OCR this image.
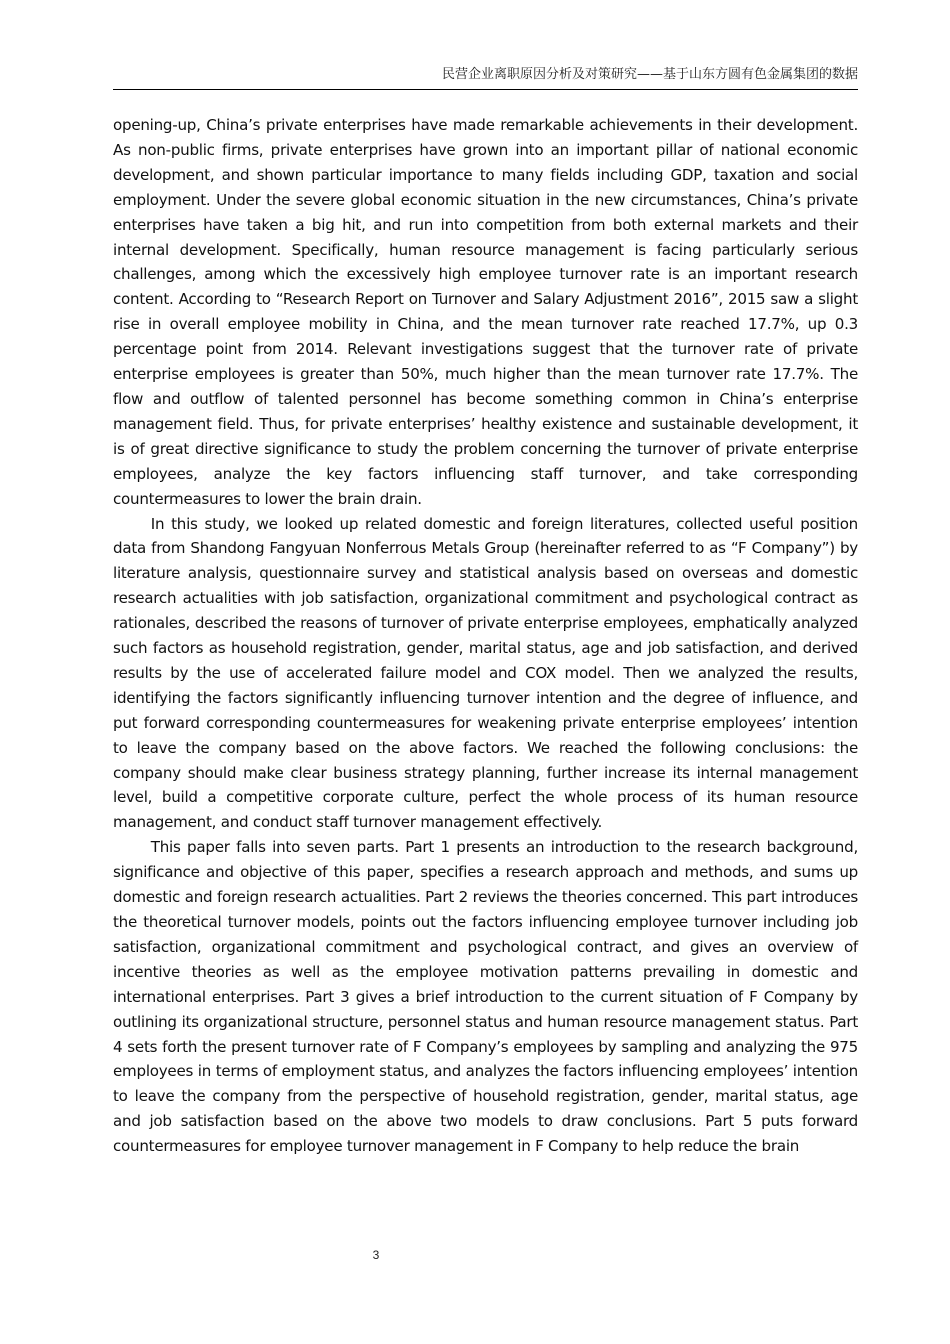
民营企业离职原因分析及对策研究——基于山东方圆有色金属集团的数据

opening-up, China’s private enterprises have made remarkable achievements in their development. As non-public firms, private enterprises have grown into an important pillar of national economic development, and shown particular importance to many fields including GDP, taxation and social employment. Under the severe global economic situation in the new circumstances, China’s private enterprises have taken a big hit, and run into competition from both external markets and their internal development. Specifically, human resource management is facing particularly serious challenges, among which the excessively high employee turnover rate is an important research content. According to “Research Report on Turnover and Salary Adjustment 2016”, 2015 saw a slight rise in overall employee mobility in China, and the mean turnover rate reached 17.7%, up 0.3 percentage point from 2014. Relevant investigations suggest that the turnover rate of private enterprise employees is greater than 50%, much higher than the mean turnover rate 17.7%. The flow and outflow of talented personnel has become something common in China’s enterprise management field. Thus, for private enterprises’ healthy existence and sustainable development, it is of great directive significance to study the problem concerning the turnover of private enterprise employees, analyze the key factors influencing staff turnover, and take corresponding countermeasures to lower the brain drain.

In this study, we looked up related domestic and foreign literatures, collected useful position data from Shandong Fangyuan Nonferrous Metals Group (hereinafter referred to as “F Company”) by literature analysis, questionnaire survey and statistical analysis based on overseas and domestic research actualities with job satisfaction, organizational commitment and psychological contract as rationales, described the reasons of turnover of private enterprise employees, emphatically analyzed such factors as household registration, gender, marital status, age and job satisfaction, and derived results by the use of accelerated failure model and COX model. Then we analyzed the results, identifying the factors significantly influencing turnover intention and the degree of influence, and put forward corresponding countermeasures for weakening private enterprise employees’ intention to leave the company based on the above factors. We reached the following conclusions: the company should make clear business strategy planning, further increase its internal management level, build a competitive corporate culture, perfect the whole process of its human resource management, and conduct staff turnover management effectively.

This paper falls into seven parts. Part 1 presents an introduction to the research background, significance and objective of this paper, specifies a research approach and methods, and sums up domestic and foreign research actualities. Part 2 reviews the theories concerned. This part introduces the theoretical turnover models, points out the factors influencing employee turnover including job satisfaction, organizational commitment and psychological contract, and gives an overview of incentive theories as well as the employee motivation patterns prevailing in domestic and international enterprises. Part 3 gives a brief introduction to the current situation of F Company by outlining its organizational structure, personnel status and human resource management status. Part 4 sets forth the present turnover rate of F Company’s employees by sampling and analyzing the 975 employees in terms of employment status, and analyzes the factors influencing employees’ intention to leave the company from the perspective of household registration, gender, marital status, age and job satisfaction based on the above two models to draw conclusions. Part 5 puts forward countermeasures for employee turnover management in F Company to help reduce the brain

3
